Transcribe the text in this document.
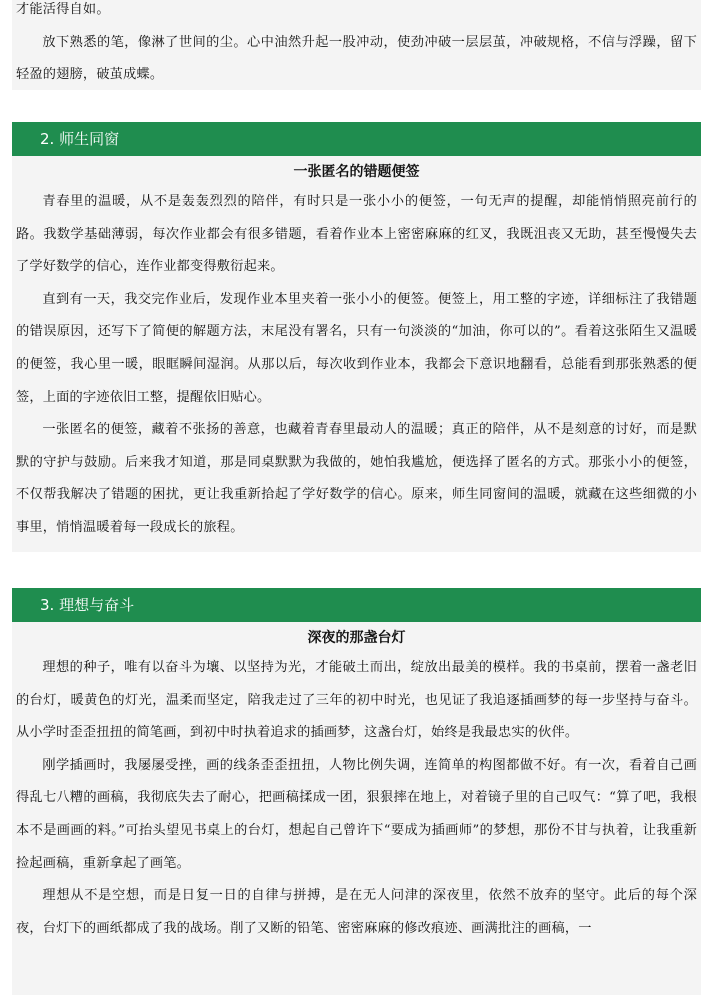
才能活得自如。

放下熟悉的笔，像淋了世间的尘。心中油然升起一股冲动，使劲冲破一层层茧，冲破规格，不信与浮躁，留下轻盈的翅膀，破茧成蝶。

2. 师生同窗
一张匿名的错题便签

青春里的温暖，从不是轰轰烈烈的陪伴，有时只是一张小小的便签，一句无声的提醒，却能悄悄照亮前行的路。我数学基础薄弱，每次作业都会有很多错题，看着作业本上密密麻麻的红叉，我既沮丧又无助，甚至慢慢失去了学好数学的信心，连作业都变得敷衍起来。

直到有一天，我交完作业后，发现作业本里夹着一张小小的便签。便签上，用工整的字迹，详细标注了我错题的错误原因，还写下了简便的解题方法，末尾没有署名，只有一句淡淡的“加油，你可以的”。看着这张陌生又温暖的便签，我心里一暖，眼眶瞬间湿润。从那以后，每次收到作业本，我都会下意识地翻看，总能看到那张熟悉的便签，上面的字迹依旧工整，提醒依旧贴心。

一张匿名的便签，藏着不张扬的善意，也藏着青春里最动人的温暖；真正的陪伴，从不是刻意的讨好，而是默默的守护与鼓励。后来我才知道，那是同桌默默为我做的，她怕我尴尬，便选择了匿名的方式。那张小小的便签，不仅帮我解决了错题的困扰，更让我重新拾起了学好数学的信心。原来，师生同窗间的温暖，就藏在这些细微的小事里，悄悄温暖着每一段成长的旅程。

3. 理想与奋斗
深夜的那盏台灯

理想的种子，唯有以奋斗为壤、以坚持为光，才能破土而出，绽放出最美的模样。我的书桌前，摆着一盏老旧的台灯，暖黄色的灯光，温柔而坚定，陪我走过了三年的初中时光，也见证了我追逐插画梦的每一步坚持与奋斗。从小学时歪歪扭扭的简笔画，到初中时执着追求的插画梦，这盏台灯，始终是我最忠实的伙伴。

刚学插画时，我屡屡受挫，画的线条歪歪扭扭，人物比例失调，连简单的构图都做不好。有一次，看着自己画得乱七八糟的画稿，我彻底失去了耐心，把画稿揉成一团，狠狠摔在地上，对着镜子里的自己叹气：“算了吧，我根本不是画画的料。”可抬头望见书桌上的台灯，想起自己曾许下“要成为插画师”的梦想，那份不甘与执着，让我重新捡起画稿，重新拿起了画笔。

理想从不是空想，而是日复一日的自律与拼搏，是在无人问津的深夜里，依然不放弃的坚守。此后的每个深夜，台灯下的画纸都成了我的战场。削了又断的铅笔、密密麻麻的修改痕迹、画满批注的画稿，一
